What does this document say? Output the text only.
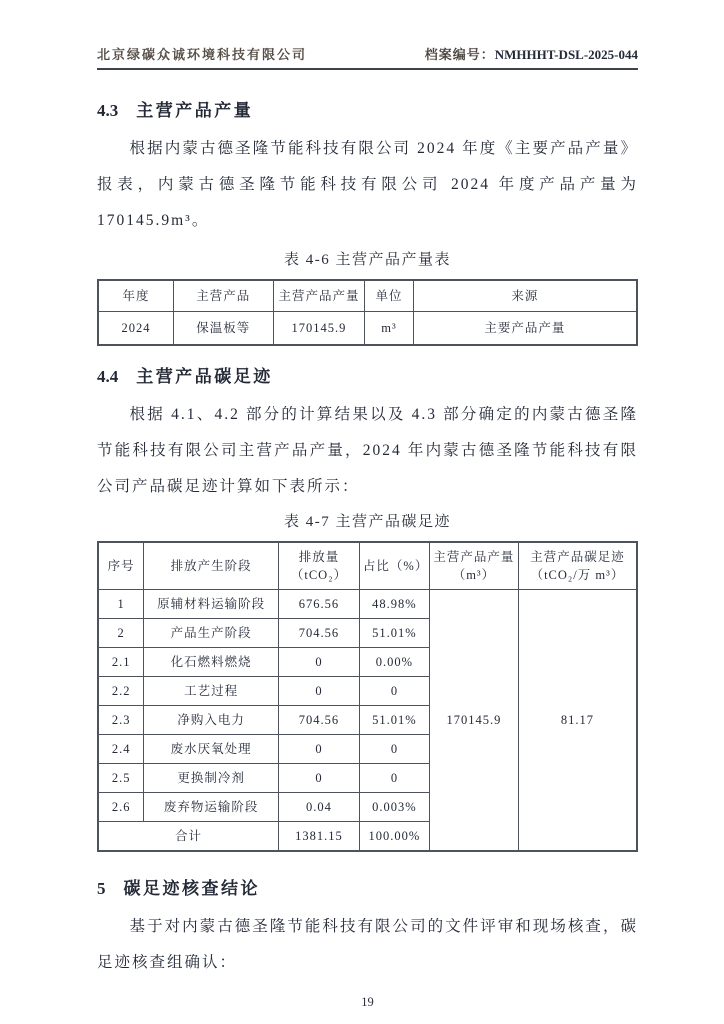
北京绿碳众诚环境科技有限公司	档案编号：NMHHHT-DSL-2025-044
4.3 主营产品产量

根据内蒙古德圣隆节能科技有限公司 2024 年度《主要产品产量》报表，内蒙古德圣隆节能科技有限公司 2024 年度产品产量为 170145.9m³。

表 4-6 主营产品产量表
年度	主营产品	主营产品产量	单位	来源
2024	保温板等	170145.9	m³	主要产品产量
4.4 主营产品碳足迹

根据 4.1、4.2 部分的计算结果以及 4.3 部分确定的内蒙古德圣隆节能科技有限公司主营产品产量，2024 年内蒙古德圣隆节能科技有限公司产品碳足迹计算如下表所示：

表 4-7 主营产品碳足迹
序号	排放产生阶段	排放量（tCO₂）	占比（%）	主营产品产量（m³）	主营产品碳足迹（tCO₂/万 m³）
1	原辅材料运输阶段	676.56	48.98%	170145.9	81.17
2	产品生产阶段	704.56	51.01%		
2.1	化石燃料燃烧	0	0.00%		
2.2	工艺过程	0	0		
2.3	净购入电力	704.56	51.01%		
2.4	废水厌氧处理	0	0		
2.5	更换制冷剂	0	0		
2.6	废弃物运输阶段	0.04	0.003%		
合计		1381.15	100.00%		
5 碳足迹核查结论

基于对内蒙古德圣隆节能科技有限公司的文件评审和现场核查，碳足迹核查组确认：

19
